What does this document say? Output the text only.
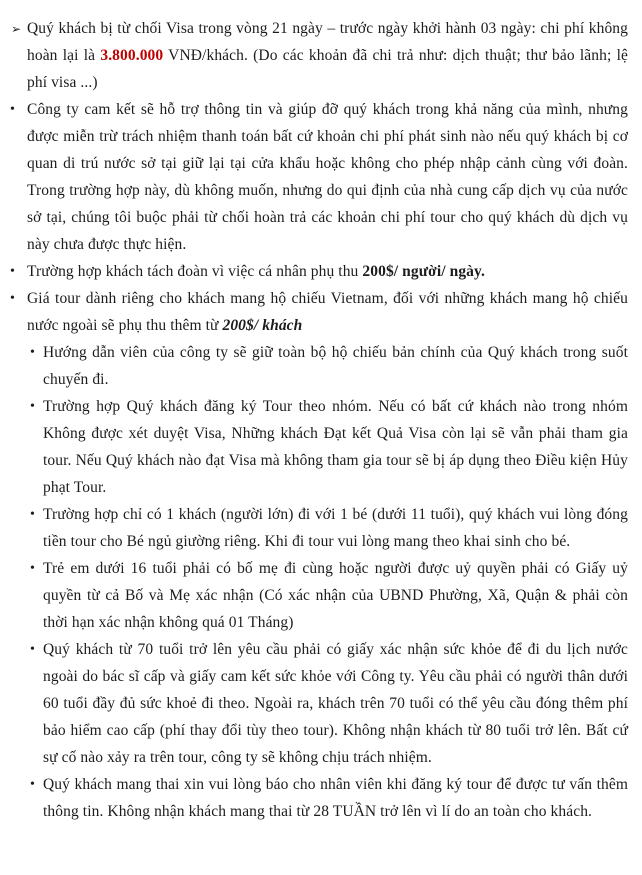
➢ Quý khách bị từ chối Visa trong vòng 21 ngày – trước ngày khởi hành 03 ngày: chi phí không hoàn lại là 3.800.000 VNĐ/khách. (Do các khoản đã chi trả như: dịch thuật; thư bảo lãnh; lệ phí visa ...)
• Công ty cam kết sẽ hỗ trợ thông tin và giúp đỡ quý khách trong khả năng của mình, nhưng được miễn trừ trách nhiệm thanh toán bất cứ khoản chi phí phát sinh nào nếu quý khách bị cơ quan di trú nước sở tại giữ lại tại cửa khẩu hoặc không cho phép nhập cảnh cùng với đoàn. Trong trường hợp này, dù không muốn, nhưng do qui định của nhà cung cấp dịch vụ của nước sở tại, chúng tôi buộc phải từ chối hoàn trả các khoản chi phí tour cho quý khách dù dịch vụ này chưa được thực hiện.
• Trường hợp khách tách đoàn vì việc cá nhân phụ thu 200$/ người/ ngày.
• Giá tour dành riêng cho khách mang hộ chiếu Vietnam, đối với những khách mang hộ chiếu nước ngoài sẽ phụ thu thêm từ 200$/ khách
• Hướng dẫn viên của công ty sẽ giữ toàn bộ hộ chiếu bản chính của Quý khách trong suốt chuyến đi.
• Trường hợp Quý khách đăng ký Tour theo nhóm. Nếu có bất cứ khách nào trong nhóm Không được xét duyệt Visa, Những khách Đạt kết Quả Visa còn lại sẽ vẫn phải tham gia tour. Nếu Quý khách nào đạt Visa mà không tham gia tour sẽ bị áp dụng theo Điều kiện Hủy phạt Tour.
• Trường hợp chỉ có 1 khách (người lớn) đi với 1 bé (dưới 11 tuổi), quý khách vui lòng đóng tiền tour cho Bé ngủ giường riêng. Khi đi tour vui lòng mang theo khai sinh cho bé.
• Trẻ em dưới 16 tuổi phải có bố mẹ đi cùng hoặc người được uỷ quyền phải có Giấy uỷ quyền từ cả Bố và Mẹ xác nhận (Có xác nhận của UBND Phường, Xã, Quận & phải còn thời hạn xác nhận không quá 01 Tháng)
• Quý khách từ 70 tuổi trở lên yêu cầu phải có giấy xác nhận sức khỏe để đi du lịch nước ngoài do bác sĩ cấp và giấy cam kết sức khỏe với Công ty. Yêu cầu phải có người thân dưới 60 tuổi đầy đủ sức khoẻ đi theo. Ngoài ra, khách trên 70 tuổi có thể yêu cầu đóng thêm phí bảo hiểm cao cấp (phí thay đổi tùy theo tour). Không nhận khách từ 80 tuổi trở lên. Bất cứ sự cố nào xảy ra trên tour, công ty sẽ không chịu trách nhiệm.
• Quý khách mang thai xin vui lòng báo cho nhân viên khi đăng ký tour để được tư vấn thêm thông tin. Không nhận khách mang thai từ 28 TUẦN trở lên vì lí do an toàn cho khách.
